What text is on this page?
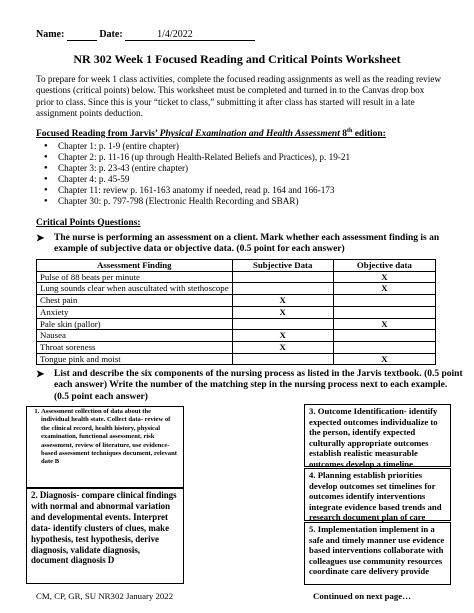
Name:	Date:	1/4/2022
NR 302 Week 1 Focused Reading and Critical Points Worksheet
To prepare for week 1 class activities, complete the focused reading assignments as well as the reading review questions (critical points) below. This worksheet must be completed and turned in to the Canvas drop box prior to class. Since this is your “ticket to class,” submitting it after class has started will result in a late assignment points deduction.
Focused Reading from Jarvis’ Physical Examination and Health Assessment 8th edition:
● Chapter 1: p. 1-9 (entire chapter)
● Chapter 2: p. 11-16 (up through Health-Related Beliefs and Practices), p. 19-21
● Chapter 3: p. 23-43 (entire chapter)
● Chapter 4: p. 45-59
● Chapter 11: review p. 161-163 anatomy if needed, read p. 164 and 166-173
● Chapter 30: p. 797-798 (Electronic Health Recording and SBAR)
Critical Points Questions:
➤ The nurse is performing an assessment on a client. Mark whether each assessment finding is an example of subjective data or objective data. (0.5 point for each answer)
Assessment Finding	Subjective Data	Objective data
Pulse of 88 beats per minute		X
Lung sounds clear when auscultated with stethoscope		X
Chest pain	X	
Anxiety	X	
Pale skin (pallor)		X
Nausea	X	
Throat soreness	X	
Tongue pink and moist		X
➤ List and describe the six components of the nursing process as listed in the Jarvis textbook. (0.5 point each answer) Write the number of the matching step in the nursing process next to each example. (0.5 point each answer)
1. Assessment collection of data about the individual health state. Collect data- review of the clinical record, health history, physical examination, functional assessment, risk assessment, review of literature, use evidence-based assessment techniques document, relevant date B
2. Diagnosis- compare clinical findings with normal and abnormal variation and developmental events. Interpret data- identify clusters of clues, make hypothesis, test hypothesis, derive diagnosis, validate diagnosis, document diagnosis D
3. Outcome Identification- identify expected outcomes individualize to the person, identify expected culturally appropriate outcomes establish realistic measurable outcomes develop a timeline.
4. Planning establish priorities develop outcomes set timelines for outcomes identify interventions integrate evidence based trends and research document plan of care
5. Implementation implement in a safe and timely manner use evidence based interventions collaborate with colleagues use community resources coordinate care delivery provide
CM, CP, GR, SU NR302 January 2022	Continued on next page…
